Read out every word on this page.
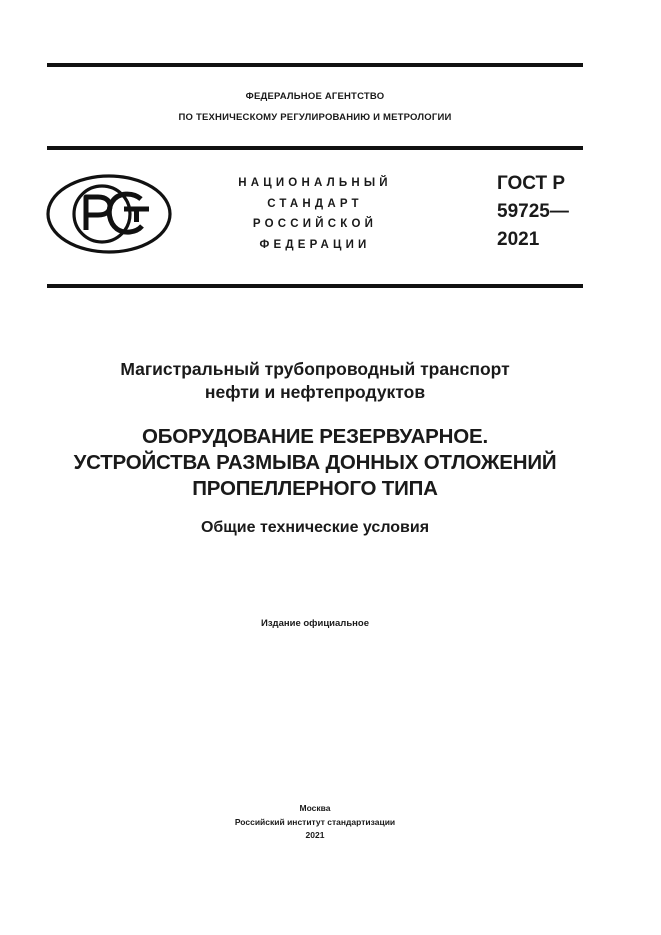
ФЕДЕРАЛЬНОЕ АГЕНТСТВО
ПО ТЕХНИЧЕСКОМУ РЕГУЛИРОВАНИЮ И МЕТРОЛОГИИ
НАЦИОНАЛЬНЫЙ
СТАНДАРТ
РОССИЙСКОЙ
ФЕДЕРАЦИИ
ГОСТ Р
59725—
2021
Магистральный трубопроводный транспорт
нефти и нефтепродуктов
ОБОРУДОВАНИЕ РЕЗЕРВУАРНОЕ.
УСТРОЙСТВА РАЗМЫВА ДОННЫХ ОТЛОЖЕНИЙ
ПРОПЕЛЛЕРНОГО ТИПА
Общие технические условия
Издание официальное
Москва
Российский институт стандартизации
2021
